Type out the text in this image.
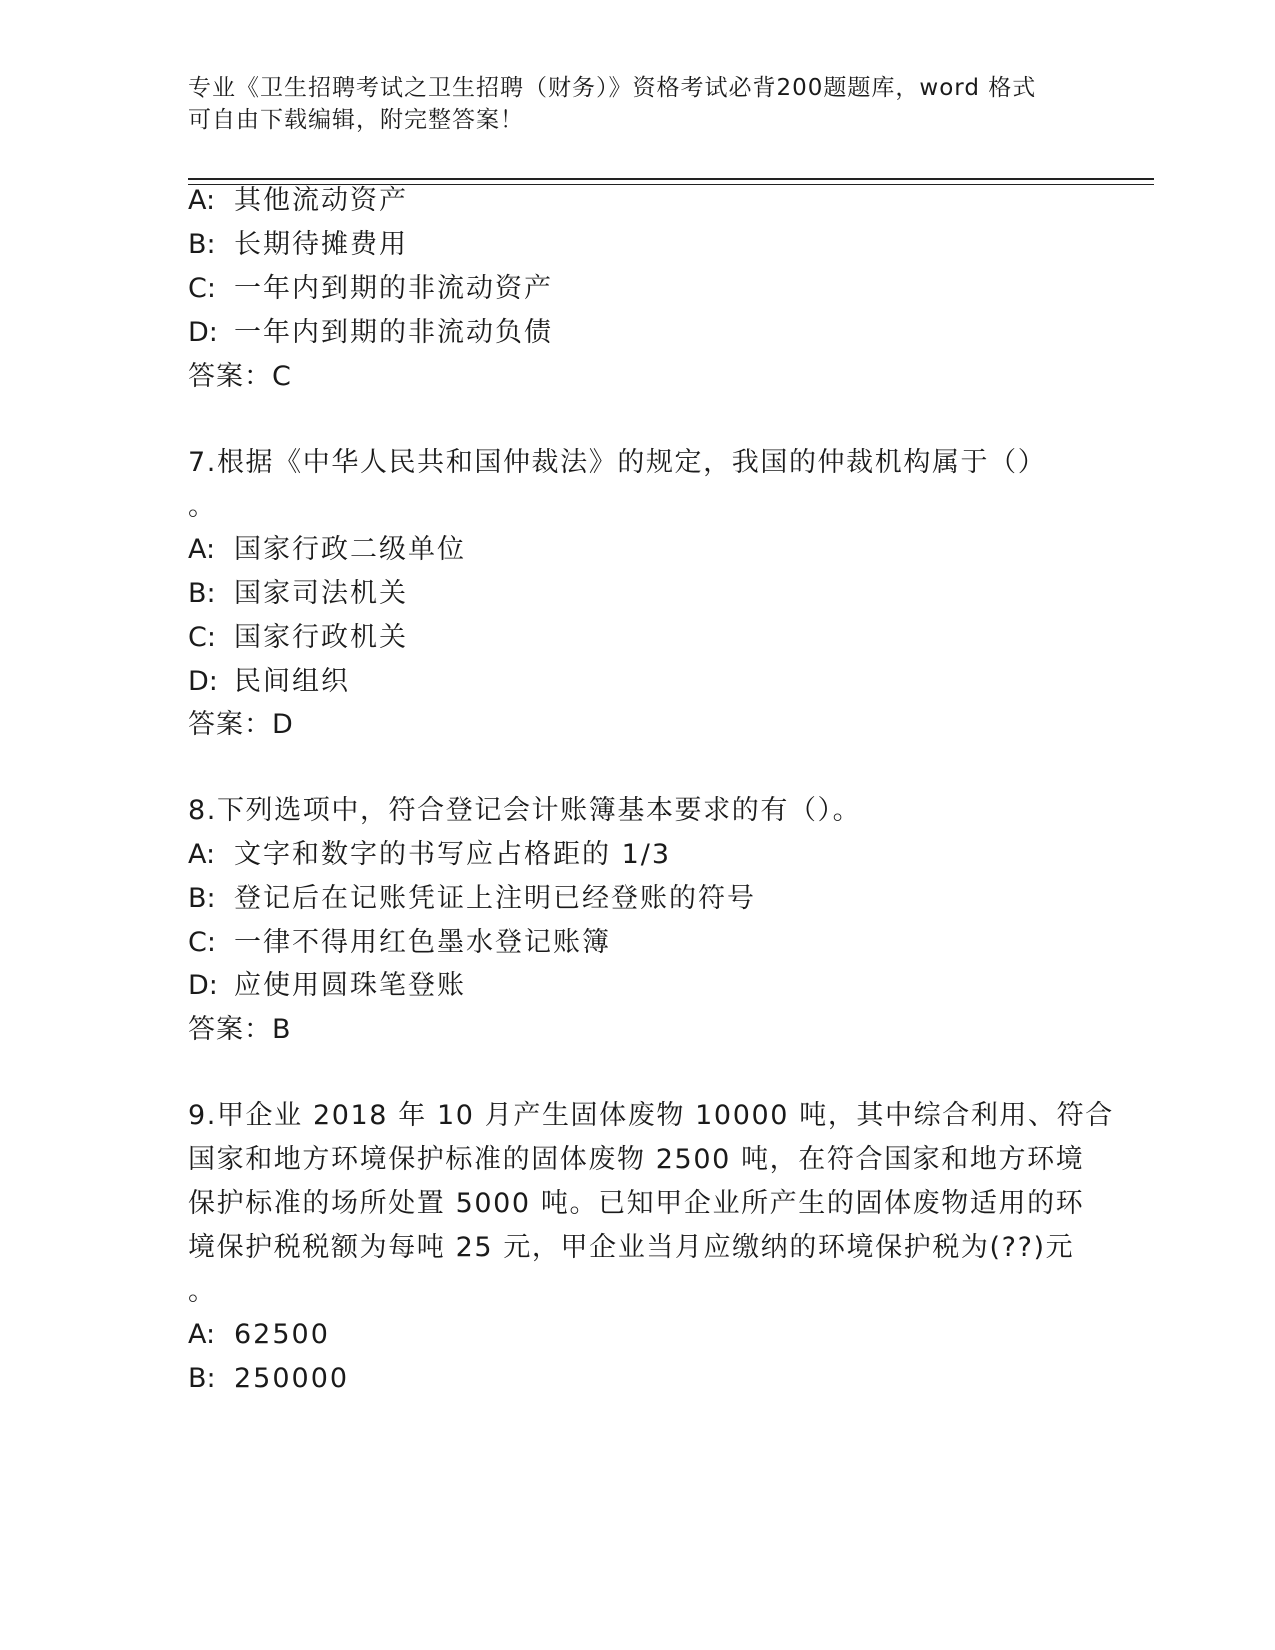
专业《卫生招聘考试之卫生招聘（财务）》资格考试必背200题题库，word 格式
可自由下载编辑，附完整答案！
A: 其他流动资产
B: 长期待摊费用
C: 一年内到期的非流动资产
D: 一年内到期的非流动负债
答案：C
7.根据《中华人民共和国仲裁法》的规定，我国的仲裁机构属于（）
。
A: 国家行政二级单位
B: 国家司法机关
C: 国家行政机关
D: 民间组织
答案：D
8.下列选项中，符合登记会计账簿基本要求的有（）。
A: 文字和数字的书写应占格距的 1/3
B: 登记后在记账凭证上注明已经登账的符号
C: 一律不得用红色墨水登记账簿
D: 应使用圆珠笔登账
答案：B
9.甲企业 2018 年 10 月产生固体废物 10000 吨，其中综合利用、符合
国家和地方环境保护标准的固体废物 2500 吨，在符合国家和地方环境
保护标准的场所处置 5000 吨。已知甲企业所产生的固体废物适用的环
境保护税税额为每吨 25 元，甲企业当月应缴纳的环境保护税为(??)元
。
A: 62500
B: 250000
